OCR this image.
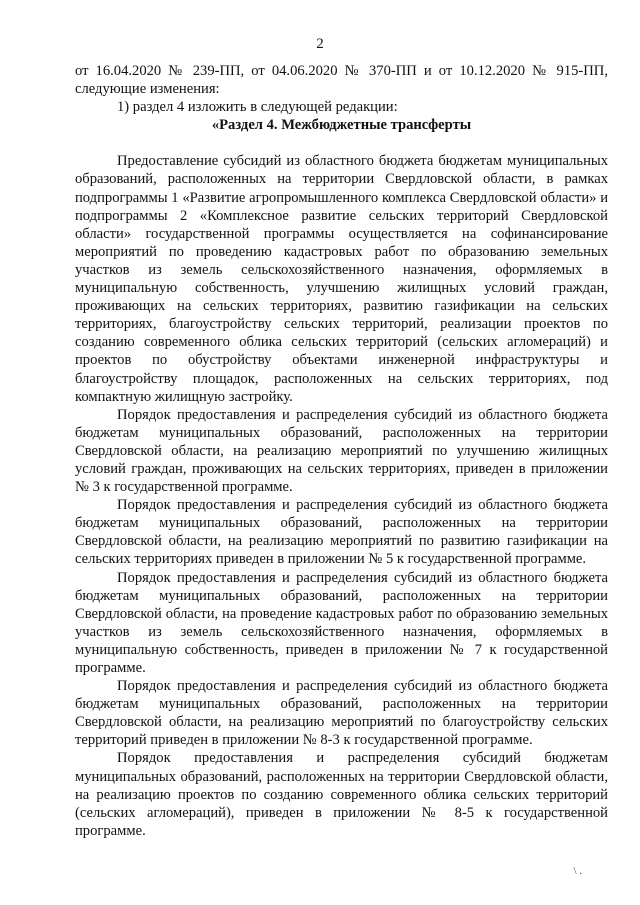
2

от 16.04.2020 № 239-ПП, от 04.06.2020 № 370-ПП и от 10.12.2020 № 915-ПП, следующие изменения:

1) раздел 4 изложить в следующей редакции:

«Раздел 4. Межбюджетные трансферты

Предоставление субсидий из областного бюджета бюджетам муниципальных образований, расположенных на территории Свердловской области, в рамках подпрограммы 1 «Развитие агропромышленного комплекса Свердловской области» и подпрограммы 2 «Комплексное развитие сельских территорий Свердловской области» государственной программы осуществляется на софинансирование мероприятий по проведению кадастровых работ по образованию земельных участков из земель сельскохозяйственного назначения, оформляемых в муниципальную собственность, улучшению жилищных условий граждан, проживающих на сельских территориях, развитию газификации на сельских территориях, благоустройству сельских территорий, реализации проектов по созданию современного облика сельских территорий (сельских агломераций) и проектов по обустройству объектами инженерной инфраструктуры и благоустройству площадок, расположенных на сельских территориях, под компактную жилищную застройку.

Порядок предоставления и распределения субсидий из областного бюджета бюджетам муниципальных образований, расположенных на территории Свердловской области, на реализацию мероприятий по улучшению жилищных условий граждан, проживающих на сельских территориях, приведен в приложении № 3 к государственной программе.

Порядок предоставления и распределения субсидий из областного бюджета бюджетам муниципальных образований, расположенных на территории Свердловской области, на реализацию мероприятий по развитию газификации на сельских территориях приведен в приложении № 5 к государственной программе.

Порядок предоставления и распределения субсидий из областного бюджета бюджетам муниципальных образований, расположенных на территории Свердловской области, на проведение кадастровых работ по образованию земельных участков из земель сельскохозяйственного назначения, оформляемых в муниципальную собственность, приведен в приложении № 7 к государственной программе.

Порядок предоставления и распределения субсидий из областного бюджета бюджетам муниципальных образований, расположенных на территории Свердловской области, на реализацию мероприятий по благоустройству сельских территорий приведен в приложении № 8-3 к государственной программе.

Порядок предоставления и распределения субсидий бюджетам муниципальных образований, расположенных на территории Свердловской области, на реализацию проектов по созданию современного облика сельских территорий (сельских агломераций), приведен в приложении № 8-5 к государственной программе.

\ .
